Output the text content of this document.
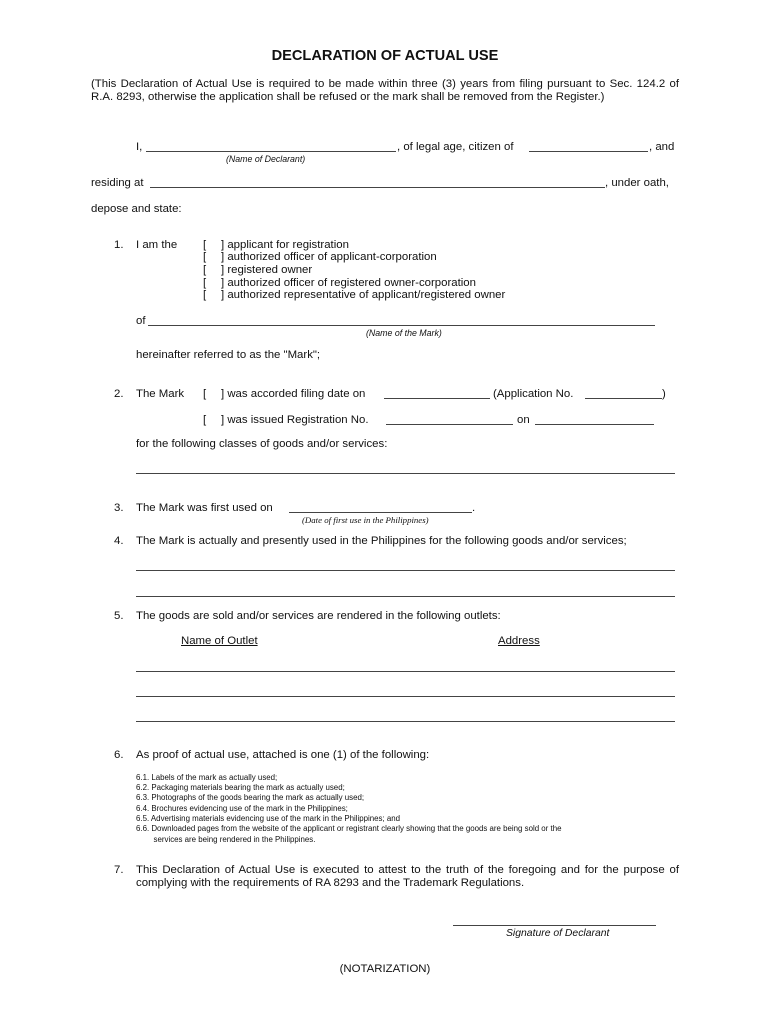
DECLARATION OF ACTUAL USE
(This Declaration of Actual Use is required to be made within three (3) years from filing pursuant to Sec. 124.2 of R.A. 8293, otherwise the application shall be refused or the mark shall be removed from the Register.)
I,	, of legal age, citizen of	, and
(Name of Declarant)
residing at	, under oath,
depose and state:
1. I am the [ ] applicant for registration
[ ] authorized officer of applicant-corporation
[ ] registered owner
[ ] authorized officer of registered owner-corporation
[ ] authorized representative of applicant/registered owner
of
(Name of the Mark)
hereinafter referred to as the "Mark";
2. The Mark [ ] was accorded filing date on	(Application No.	)
[ ] was issued Registration No.	on
for the following classes of goods and/or services:
3. The Mark was first used on	.
(Date of first use in the Philippines)
4. The Mark is actually and presently used in the Philippines for the following goods and/or services;
5. The goods are sold and/or services are rendered in the following outlets:
Name of Outlet	Address
6. As proof of actual use, attached is one (1) of the following:
6.1. Labels of the mark as actually used;
6.2. Packaging materials bearing the mark as actually used;
6.3. Photographs of the goods bearing the mark as actually used;
6.4. Brochures evidencing use of the mark in the Philippines;
6.5. Advertising materials evidencing use of the mark in the Philippines; and
6.6. Downloaded pages from the website of the applicant or registrant clearly showing that the goods are being sold or the
services are being rendered in the Philippines.
7. This Declaration of Actual Use is executed to attest to the truth of the foregoing and for the purpose of complying with the requirements of RA 8293 and the Trademark Regulations.
Signature of Declarant
(NOTARIZATION)
